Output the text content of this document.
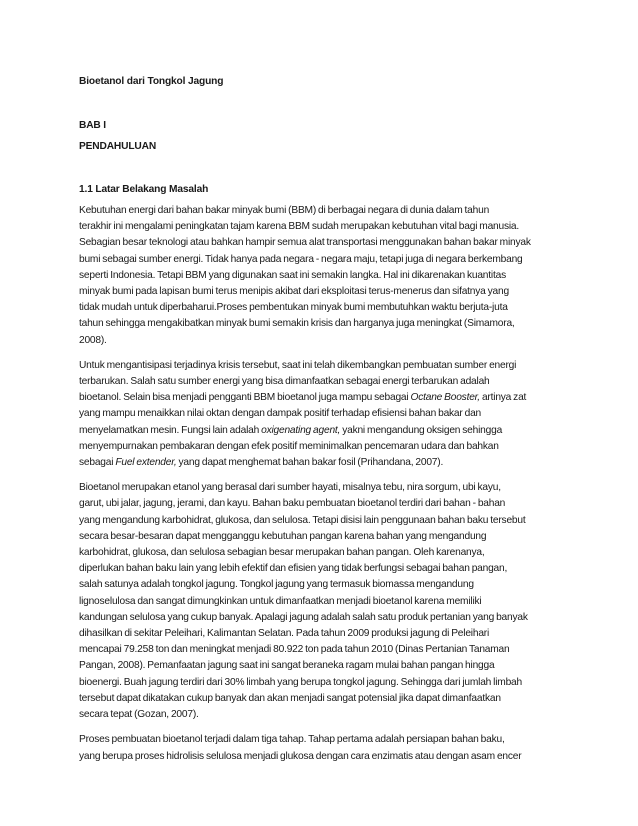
Bioetanol dari Tongkol Jagung

BAB I

PENDAHULUAN

1.1 Latar Belakang Masalah

Kebutuhan energi dari bahan bakar minyak bumi (BBM) di berbagai negara di dunia dalam tahun
terakhir ini mengalami peningkatan tajam karena BBM sudah merupakan kebutuhan vital bagi manusia.
Sebagian besar teknologi atau bahkan hampir semua alat transportasi menggunakan bahan bakar minyak
bumi sebagai sumber energi. Tidak hanya pada negara - negara maju, tetapi juga di negara berkembang
seperti Indonesia. Tetapi BBM yang digunakan saat ini semakin langka. Hal ini dikarenakan kuantitas
minyak bumi pada lapisan bumi terus menipis akibat dari eksploitasi terus-menerus dan sifatnya yang
tidak mudah untuk diperbaharui.Proses pembentukan minyak bumi membutuhkan waktu berjuta-juta
tahun sehingga mengakibatkan minyak bumi semakin krisis dan harganya juga meningkat (Simamora,
2008).

Untuk mengantisipasi terjadinya krisis tersebut, saat ini telah dikembangkan pembuatan sumber energi
terbarukan. Salah satu sumber energi yang bisa dimanfaatkan sebagai energi terbarukan adalah
bioetanol. Selain bisa menjadi pengganti BBM bioetanol juga mampu sebagai Octane Booster, artinya zat
yang mampu menaikkan nilai oktan dengan dampak positif terhadap efisiensi bahan bakar dan
menyelamatkan mesin. Fungsi lain adalah oxigenating agent, yakni mengandung oksigen sehingga
menyempurnakan pembakaran dengan efek positif meminimalkan pencemaran udara dan bahkan
sebagai Fuel extender, yang dapat menghemat bahan bakar fosil (Prihandana, 2007).

Bioetanol merupakan etanol yang berasal dari sumber hayati, misalnya tebu, nira sorgum, ubi kayu,
garut, ubi jalar, jagung, jerami, dan kayu. Bahan baku pembuatan bioetanol terdiri dari bahan - bahan
yang mengandung karbohidrat, glukosa, dan selulosa. Tetapi disisi lain penggunaan bahan baku tersebut
secara besar-besaran dapat mengganggu kebutuhan pangan karena bahan yang mengandung
karbohidrat, glukosa, dan selulosa sebagian besar merupakan bahan pangan. Oleh karenanya,
diperlukan bahan baku lain yang lebih efektif dan efisien yang tidak berfungsi sebagai bahan pangan,
salah satunya adalah tongkol jagung. Tongkol jagung yang termasuk biomassa mengandung
lignoselulosa dan sangat dimungkinkan untuk dimanfaatkan menjadi bioetanol karena memiliki
kandungan selulosa yang cukup banyak. Apalagi jagung adalah salah satu produk pertanian yang banyak
dihasilkan di sekitar Peleihari, Kalimantan Selatan. Pada tahun 2009 produksi jagung di Peleihari
mencapai 79.258 ton dan meningkat menjadi 80.922 ton pada tahun 2010 (Dinas Pertanian Tanaman
Pangan, 2008). Pemanfaatan jagung saat ini sangat beraneka ragam mulai bahan pangan hingga
bioenergi. Buah jagung terdiri dari 30% limbah yang berupa tongkol jagung. Sehingga dari jumlah limbah
tersebut dapat dikatakan cukup banyak dan akan menjadi sangat potensial jika dapat dimanfaatkan
secara tepat (Gozan, 2007).

Proses pembuatan bioetanol terjadi dalam tiga tahap. Tahap pertama adalah persiapan bahan baku,
yang berupa proses hidrolisis selulosa menjadi glukosa dengan cara enzimatis atau dengan asam encer
